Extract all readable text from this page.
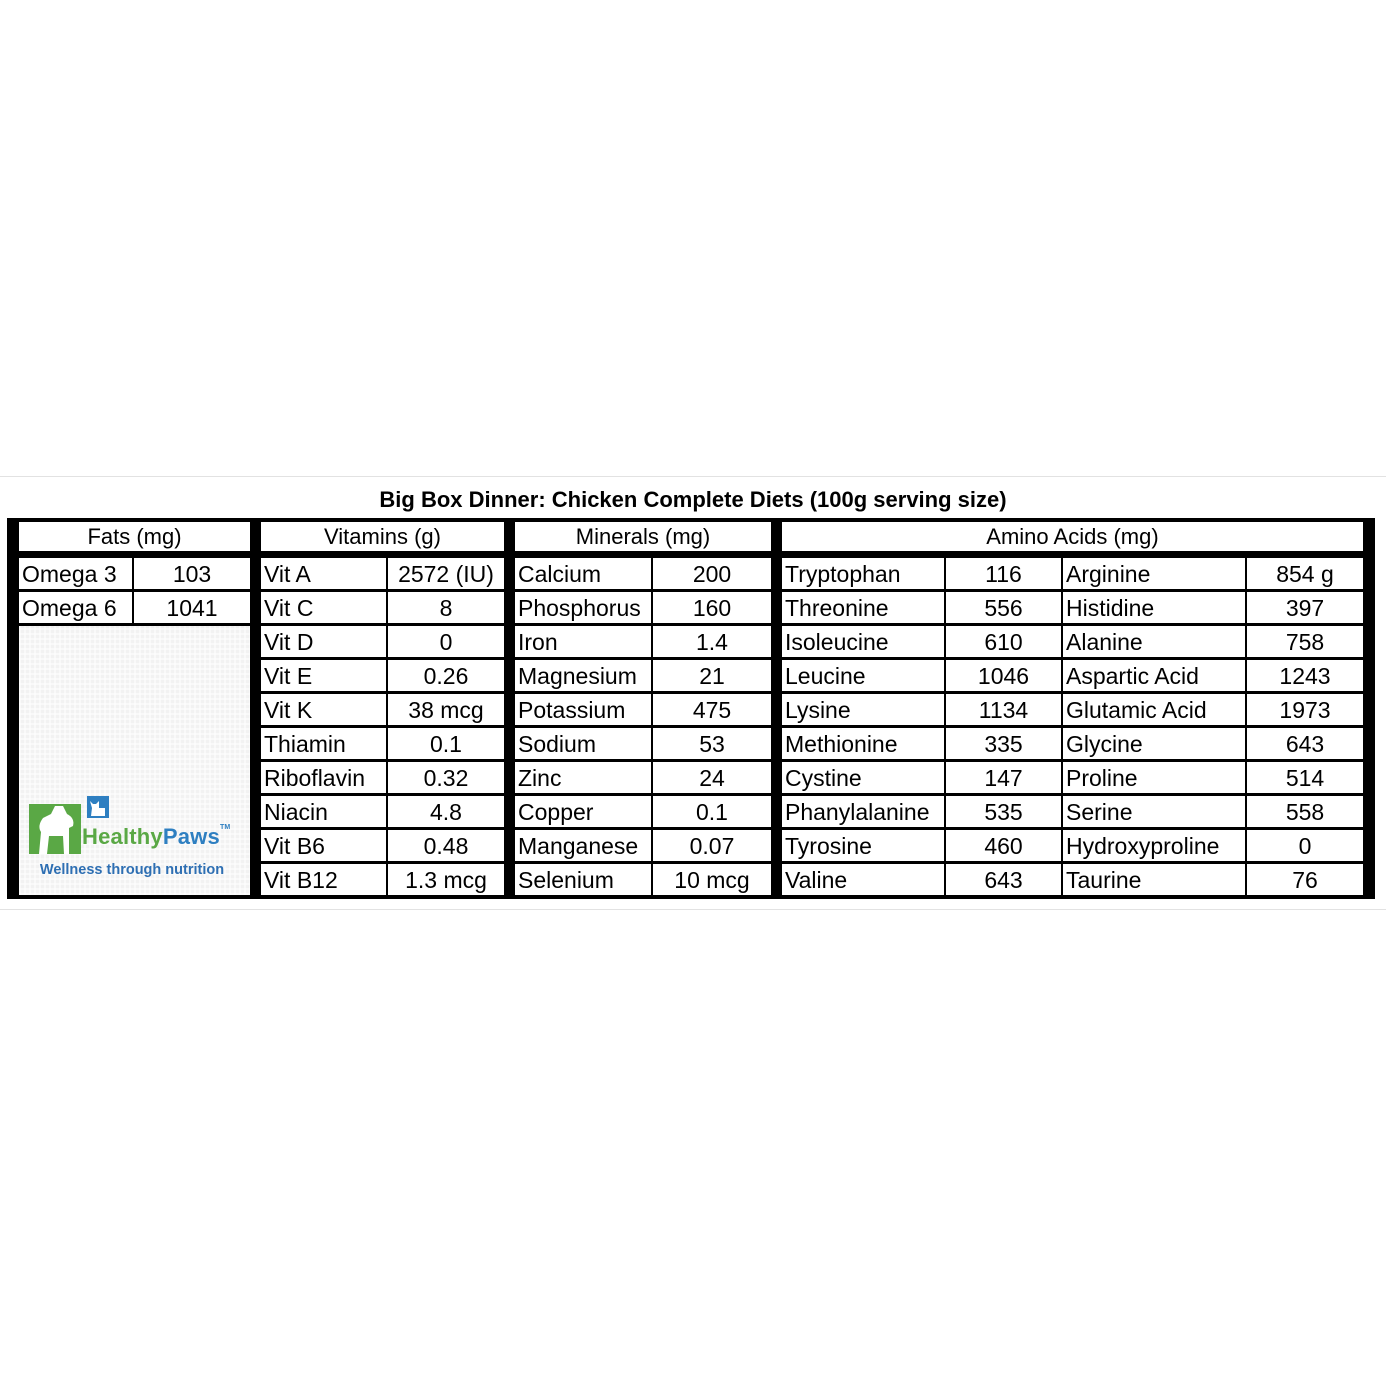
Big Box Dinner: Chicken Complete Diets (100g serving size)
Fats (mg)
Omega 3	103
Omega 6	1041
HealthyPaws™
Wellness through nutrition
Vitamins (g)
Vit A	2572 (IU)
Vit C	8
Vit D	0
Vit E	0.26
Vit K	38 mcg
Thiamin	0.1
Riboflavin	0.32
Niacin	4.8
Vit B6	0.48
Vit B12	1.3 mcg
Minerals (mg)
Calcium	200
Phosphorus	160
Iron	1.4
Magnesium	21
Potassium	475
Sodium	53
Zinc	24
Copper	0.1
Manganese	0.07
Selenium	10 mcg
Amino Acids (mg)
Tryptophan	116	Arginine	854 g
Threonine	556	Histidine	397
Isoleucine	610	Alanine	758
Leucine	1046	Aspartic Acid	1243
Lysine	1134	Glutamic Acid	1973
Methionine	335	Glycine	643
Cystine	147	Proline	514
Phanylalanine	535	Serine	558
Tyrosine	460	Hydroxyproline	0
Valine	643	Taurine	76
